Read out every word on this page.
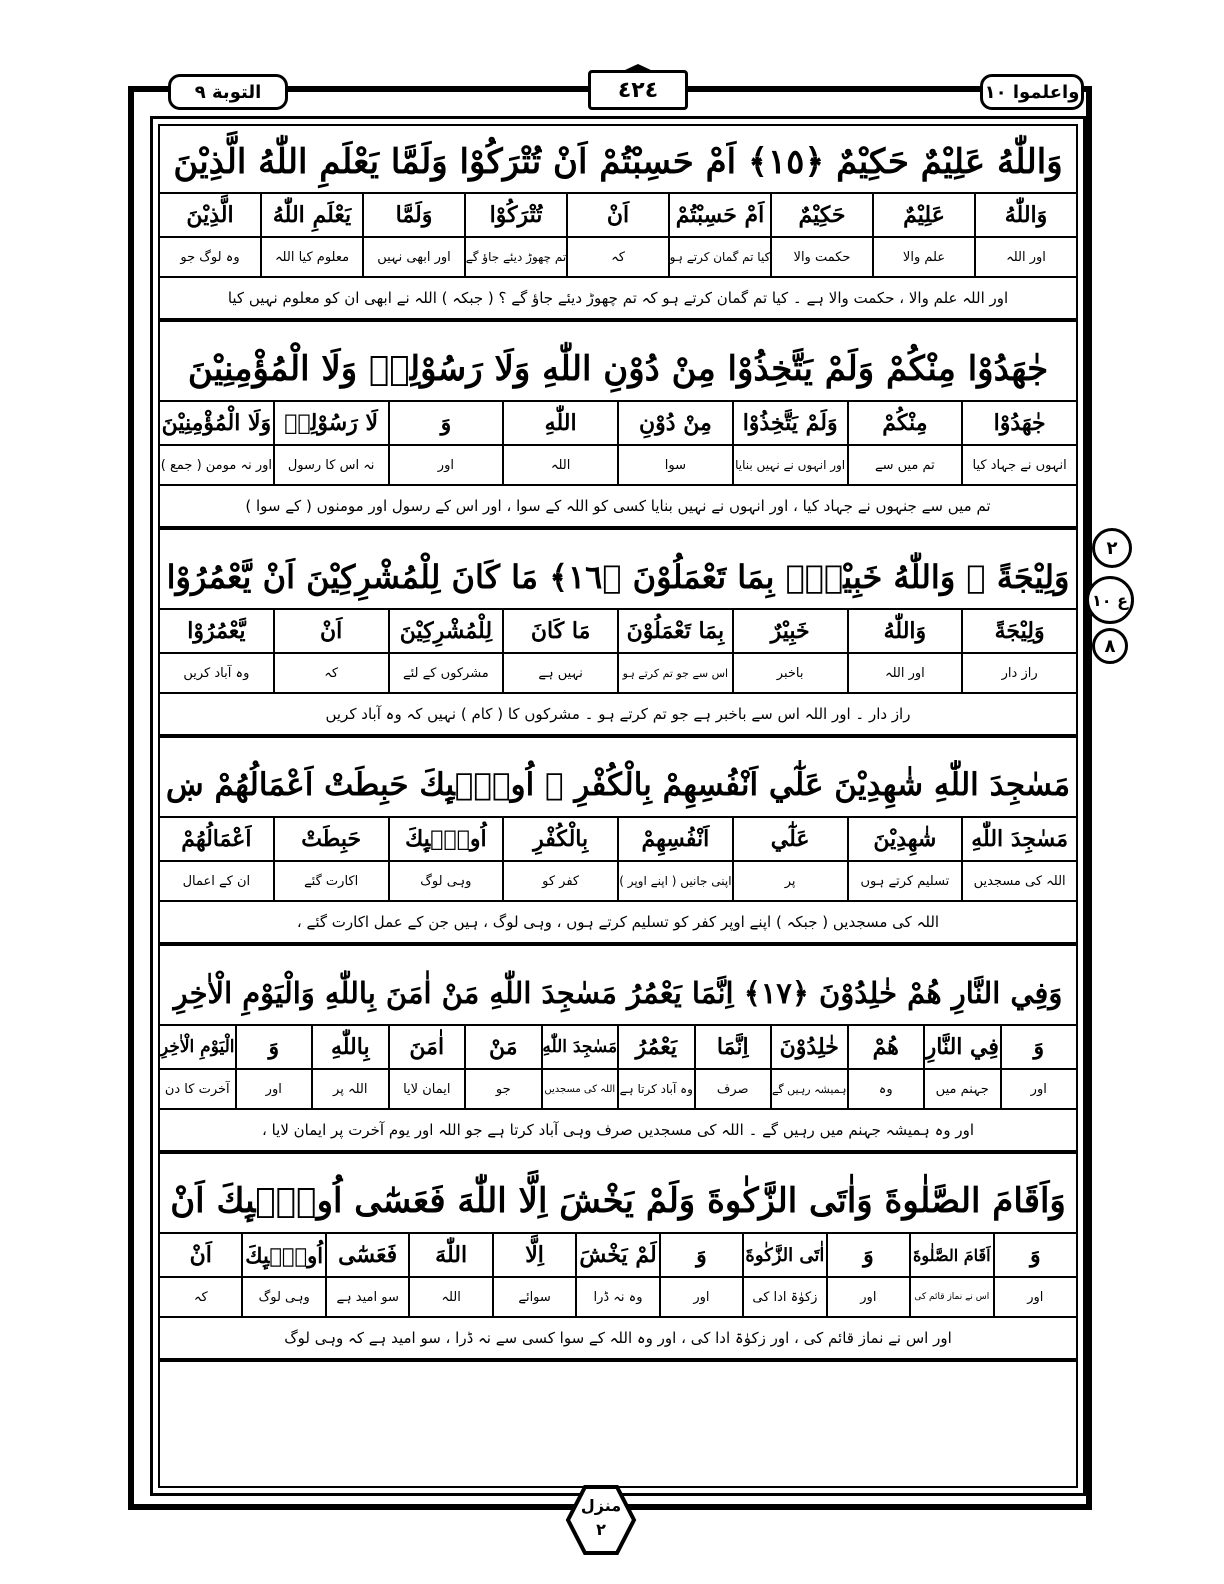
التوبة ٩	٤٢٤	واعلموا ١٠
وَاللّٰهُ عَلِيْمٌ حَكِيْمٌ ﴿١٥﴾ اَمْ حَسِبْتُمْ اَنْ تُتْرَكُوْا وَلَمَّا يَعْلَمِ اللّٰهُ الَّذِيْنَ
وَاللّٰهُ
عَلِيْمٌ
حَكِيْمٌ
اَمْ حَسِبْتُمْ
اَنْ
تُتْرَكُوْا
وَلَمَّا
يَعْلَمِ اللّٰهُ
الَّذِيْنَ
اور اللہ
علم والا
حکمت والا
کیا تم گمان کرتے ہو
کہ
تم چھوڑ دیئے جاؤ گے
اور ابھی نہیں
معلوم کیا اللہ
وہ لوگ جو
اور اللہ علم والا ، حکمت والا ہے ۔ کیا تم گمان کرتے ہو کہ تم چھوڑ دیئے جاؤ گے ؟ ( جبکہ ) اللہ نے ابھی ان کو معلوم نہیں کیا
جٰهَدُوْا مِنْكُمْ وَلَمْ يَتَّخِذُوْا مِنْ دُوْنِ اللّٰهِ وَلَا رَسُوْلِهٖ وَلَا الْمُؤْمِنِيْنَ
جٰهَدُوْا
مِنْكُمْ
وَلَمْ يَتَّخِذُوْا
مِنْ دُوْنِ
اللّٰهِ
وَ
لَا رَسُوْلِهٖ
وَلَا الْمُؤْمِنِيْنَ
انہوں نے جہاد کیا
تم میں سے
اور انہوں نے نہیں بنایا
سوا
اللہ
اور
نہ اس کا رسول
اور نہ مومن ( جمع )
تم میں سے جنہوں نے جہاد کیا ، اور انہوں نے نہیں بنایا کسی کو اللہ کے سوا ، اور اس کے رسول اور مومنوں ( کے سوا )
وَلِيْجَةً ۭ وَاللّٰهُ خَبِيْرٌۢ بِمَا تَعْمَلُوْنَ ﴿١٦﴾ مَا كَانَ لِلْمُشْرِكِيْنَ اَنْ يَّعْمُرُوْا
وَلِيْجَةً
وَاللّٰهُ
خَبِيْرٌ
بِمَا تَعْمَلُوْنَ
مَا كَانَ
لِلْمُشْرِكِيْنَ
اَنْ
يَّعْمُرُوْا
راز دار
اور اللہ
باخبر
اس سے جو تم کرتے ہو
نہیں ہے
مشرکوں کے لئے
کہ
وہ آباد کریں
راز دار ۔ اور اللہ اس سے باخبر ہے جو تم کرتے ہو ۔ مشرکوں کا ( کام ) نہیں کہ وہ آباد کریں
مَسٰجِدَ اللّٰهِ شٰهِدِيْنَ عَلٰٓي اَنْفُسِهِمْ بِالْكُفْرِ ۭ اُولٰۗىِٕكَ حَبِطَتْ اَعْمَالُهُمْ ښ
مَسٰجِدَ اللّٰهِ
شٰهِدِيْنَ
عَلٰٓي
اَنْفُسِهِمْ
بِالْكُفْرِ
اُولٰۗىِٕكَ
حَبِطَتْ
اَعْمَالُهُمْ
اللہ کی مسجدیں
تسلیم کرتے ہوں
پر
اپنی جانیں ( اپنے اوپر )
کفر کو
وہی لوگ
اکارت گئے
ان کے اعمال
اللہ کی مسجدیں ( جبکہ ) اپنے اوپر کفر کو تسلیم کرتے ہوں ، وہی لوگ ، ہیں جن کے عمل اکارت گئے ،
وَفِي النَّارِ هُمْ خٰلِدُوْنَ ﴿١٧﴾ اِنَّمَا يَعْمُرُ مَسٰجِدَ اللّٰهِ مَنْ اٰمَنَ بِاللّٰهِ وَالْيَوْمِ الْاٰخِرِ
وَ
فِي النَّارِ
هُمْ
خٰلِدُوْنَ
اِنَّمَا
يَعْمُرُ
مَسٰجِدَ اللّٰهِ
مَنْ
اٰمَنَ
بِاللّٰهِ
وَ
الْيَوْمِ الْاٰخِرِ
اور
جہنم میں
وہ
ہمیشہ رہیں گے
صرف
وہ آباد کرتا ہے
اللہ کی مسجدیں
جو
ایمان لایا
اللہ پر
اور
آخرت کا دن
اور وہ ہمیشہ جہنم میں رہیں گے ۔ اللہ کی مسجدیں صرف وہی آباد کرتا ہے جو اللہ اور یوم آخرت پر ایمان لایا ،
وَاَقَامَ الصَّلٰوةَ وَاٰتَى الزَّكٰوةَ وَلَمْ يَخْشَ اِلَّا اللّٰهَ فَعَسٰٓى اُولٰۗىِٕكَ اَنْ
وَ
اَقَامَ الصَّلٰوةَ
وَ
اٰتَى الزَّكٰوةَ
وَ
لَمْ يَخْشَ
اِلَّا
اللّٰهَ
فَعَسٰٓى
اُولٰۗىِٕكَ
اَنْ
اور
اس نے نماز قائم کی
اور
زکوٰۃ ادا کی
اور
وہ نہ ڈرا
سوائے
اللہ
سو امید ہے
وہی لوگ
کہ
اور اس نے نماز قائم کی ، اور زکوٰۃ ادا کی ، اور وہ اللہ کے سوا کسی سے نہ ڈرا ، سو امید ہے کہ وہی لوگ
٢
ع ١٠
٨
منزل
٢
